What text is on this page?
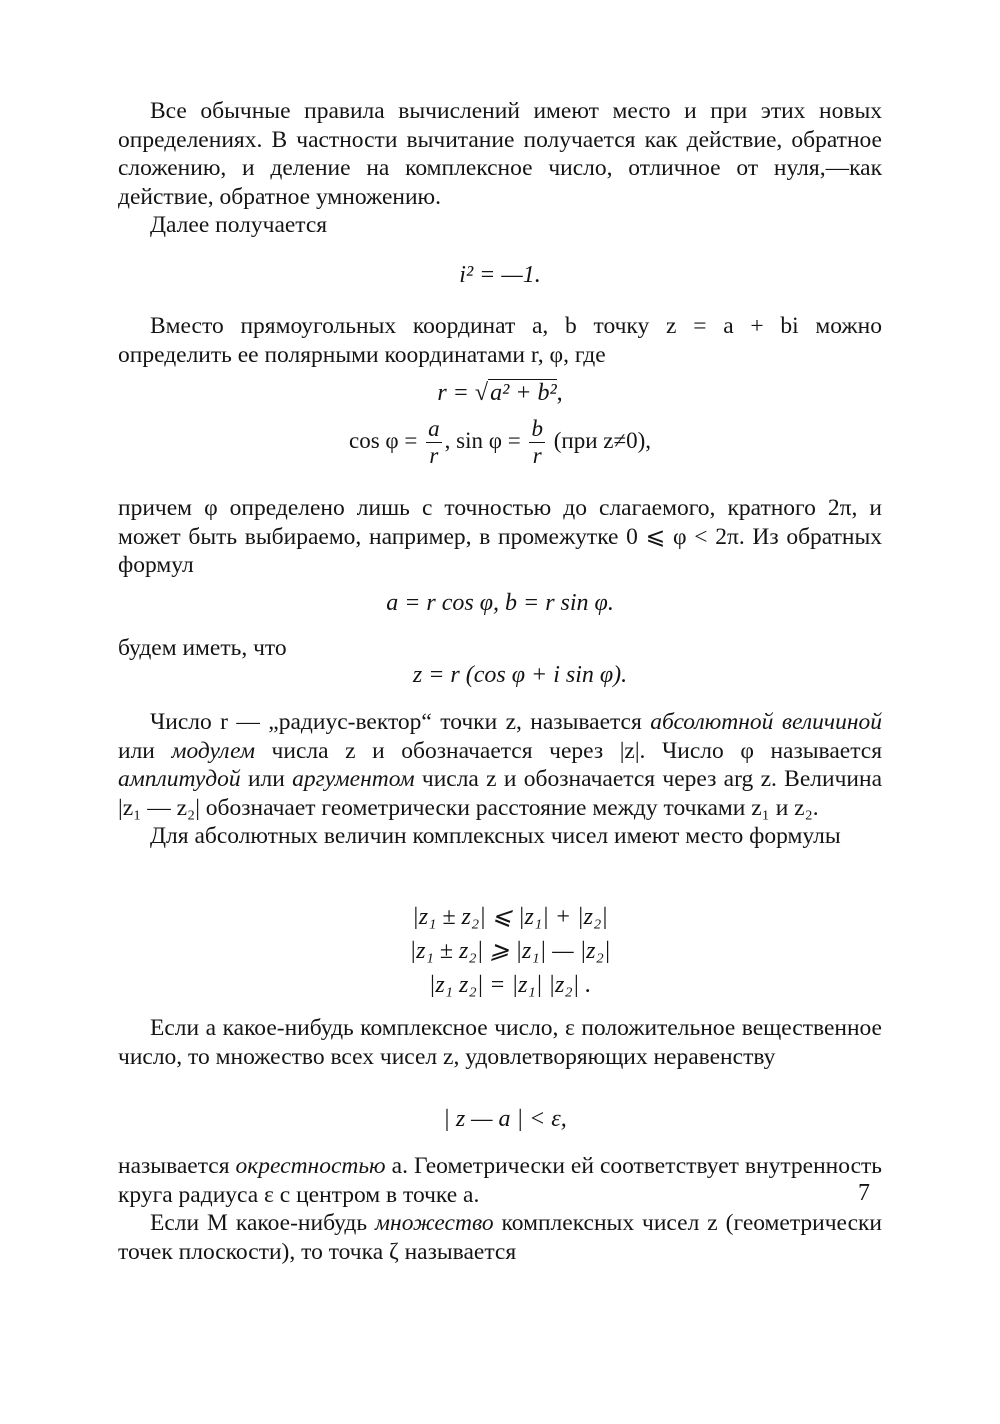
Все обычные правила вычислений имеют место и при этих новых определениях. В частности вычитание получается как действие, обратное сложению, и деление на комплексное число, отличное от нуля,—как действие, обратное умножению.

Далее получается

i² = —1.

Вместо прямоугольных координат a, b точку z = a + bi можно определить ее полярными координатами r, φ, где

r = √a² + b²,

$\cos \varphi = \frac{a}{r}$ , $\sin \varphi = \frac{b}{r} (при$ z≠0),

причем φ определено лишь с точностью до слагаемого, кратного 2π, и может быть выбираемо, например, в промежутке 0 ⩽ φ < 2π. Из обратных формул

a = r cos φ, b = r sin φ.

будем иметь, что

z = r (cos φ + i sin φ).

Число r — „радиус-вектор“ точки z, называется абсолютной величиной или модулем числа z и обозначается через |z|. Число φ называется амплитудой или аргументом числа z и обозначается через arg z. Величина |z₁ — z₂| обозначает геометрически расстояние между точками z₁ и z₂.

Для абсолютных величин комплексных чисел имеют место формулы

|z₁ ± z₂| ⩽ |z₁| + |z₂|

|z₁ ± z₂| ⩾ |z₁| — |z₂|

|z₁ z₂| = |z₁| |z₂| .

Если a какое-нибудь комплексное число, ε положительное вещественное число, то множество всех чисел z, удовлетворяющих неравенству

| z — a | < ε,

называется окрестностью a. Геометрически ей соответствует внутренность круга радиуса ε с центром в точке a.

Если M какое-нибудь множество комплексных чисел z (геометрически точек плоскости), то точка ζ называется

7
